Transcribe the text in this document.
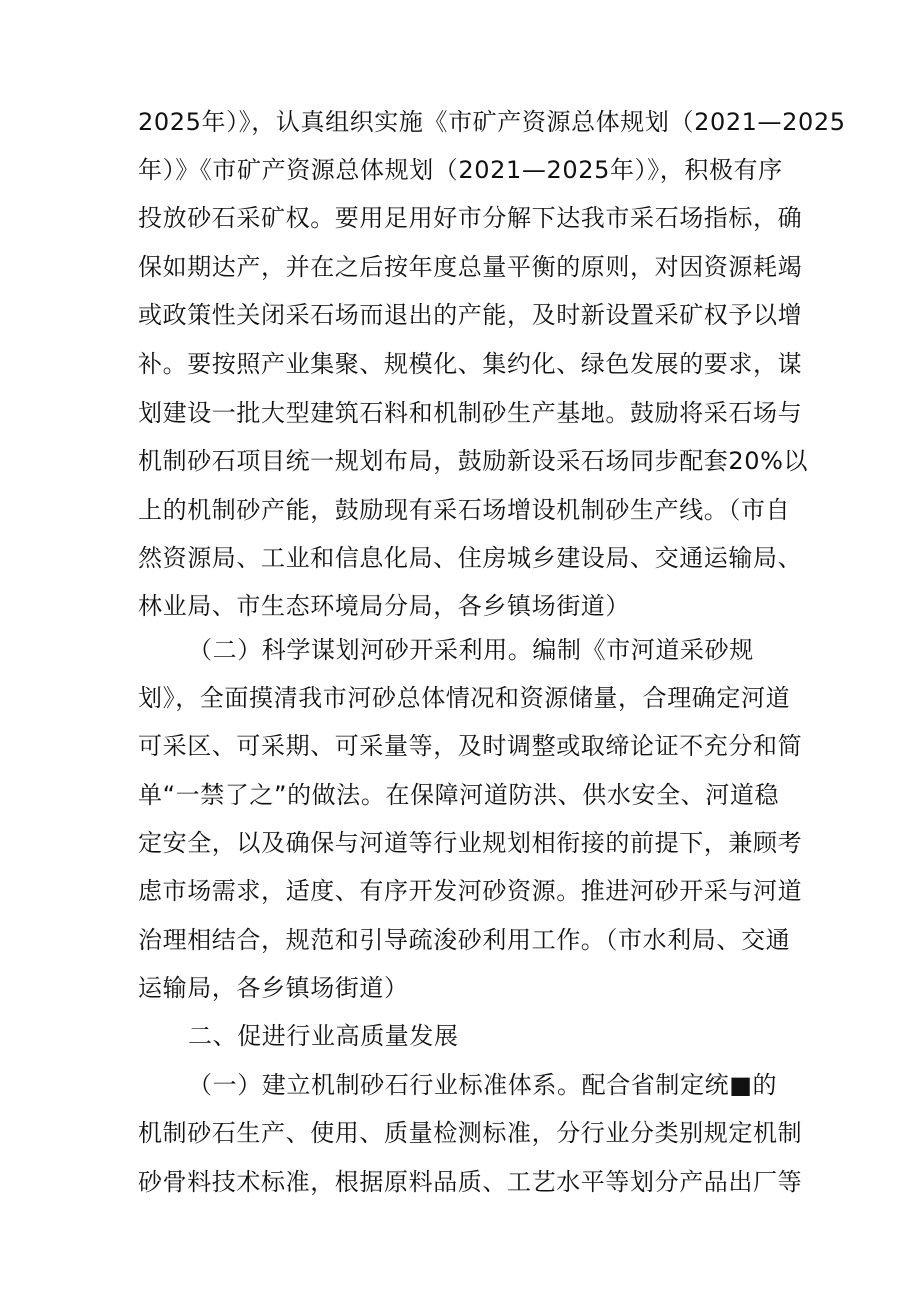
2025年）》，认真组织实施《市矿产资源总体规划（2021—2025
年）》《市矿产资源总体规划（2021—2025年）》，积极有序
投放砂石采矿权。要用足用好市分解下达我市采石场指标，确
保如期达产，并在之后按年度总量平衡的原则，对因资源耗竭
或政策性关闭采石场而退出的产能，及时新设置采矿权予以增
补。要按照产业集聚、规模化、集约化、绿色发展的要求，谋
划建设一批大型建筑石料和机制砂生产基地。鼓励将采石场与
机制砂石项目统一规划布局，鼓励新设采石场同步配套20%以
上的机制砂产能，鼓励现有采石场增设机制砂生产线。（市自
然资源局、工业和信息化局、住房城乡建设局、交通运输局、
林业局、市生态环境局分局，各乡镇场街道）
（二）科学谋划河砂开采利用。编制《市河道采砂规
划》，全面摸清我市河砂总体情况和资源储量，合理确定河道
可采区、可采期、可采量等，及时调整或取缔论证不充分和简
单“一禁了之”的做法。在保障河道防洪、供水安全、河道稳
定安全，以及确保与河道等行业规划相衔接的前提下，兼顾考
虑市场需求，适度、有序开发河砂资源。推进河砂开采与河道
治理相结合，规范和引导疏浚砂利用工作。（市水利局、交通
运输局，各乡镇场街道）
二、促进行业高质量发展
（一）建立机制砂石行业标准体系。配合省制定统■的
机制砂石生产、使用、质量检测标准，分行业分类别规定机制
砂骨料技术标准，根据原料品质、工艺水平等划分产品出厂等
